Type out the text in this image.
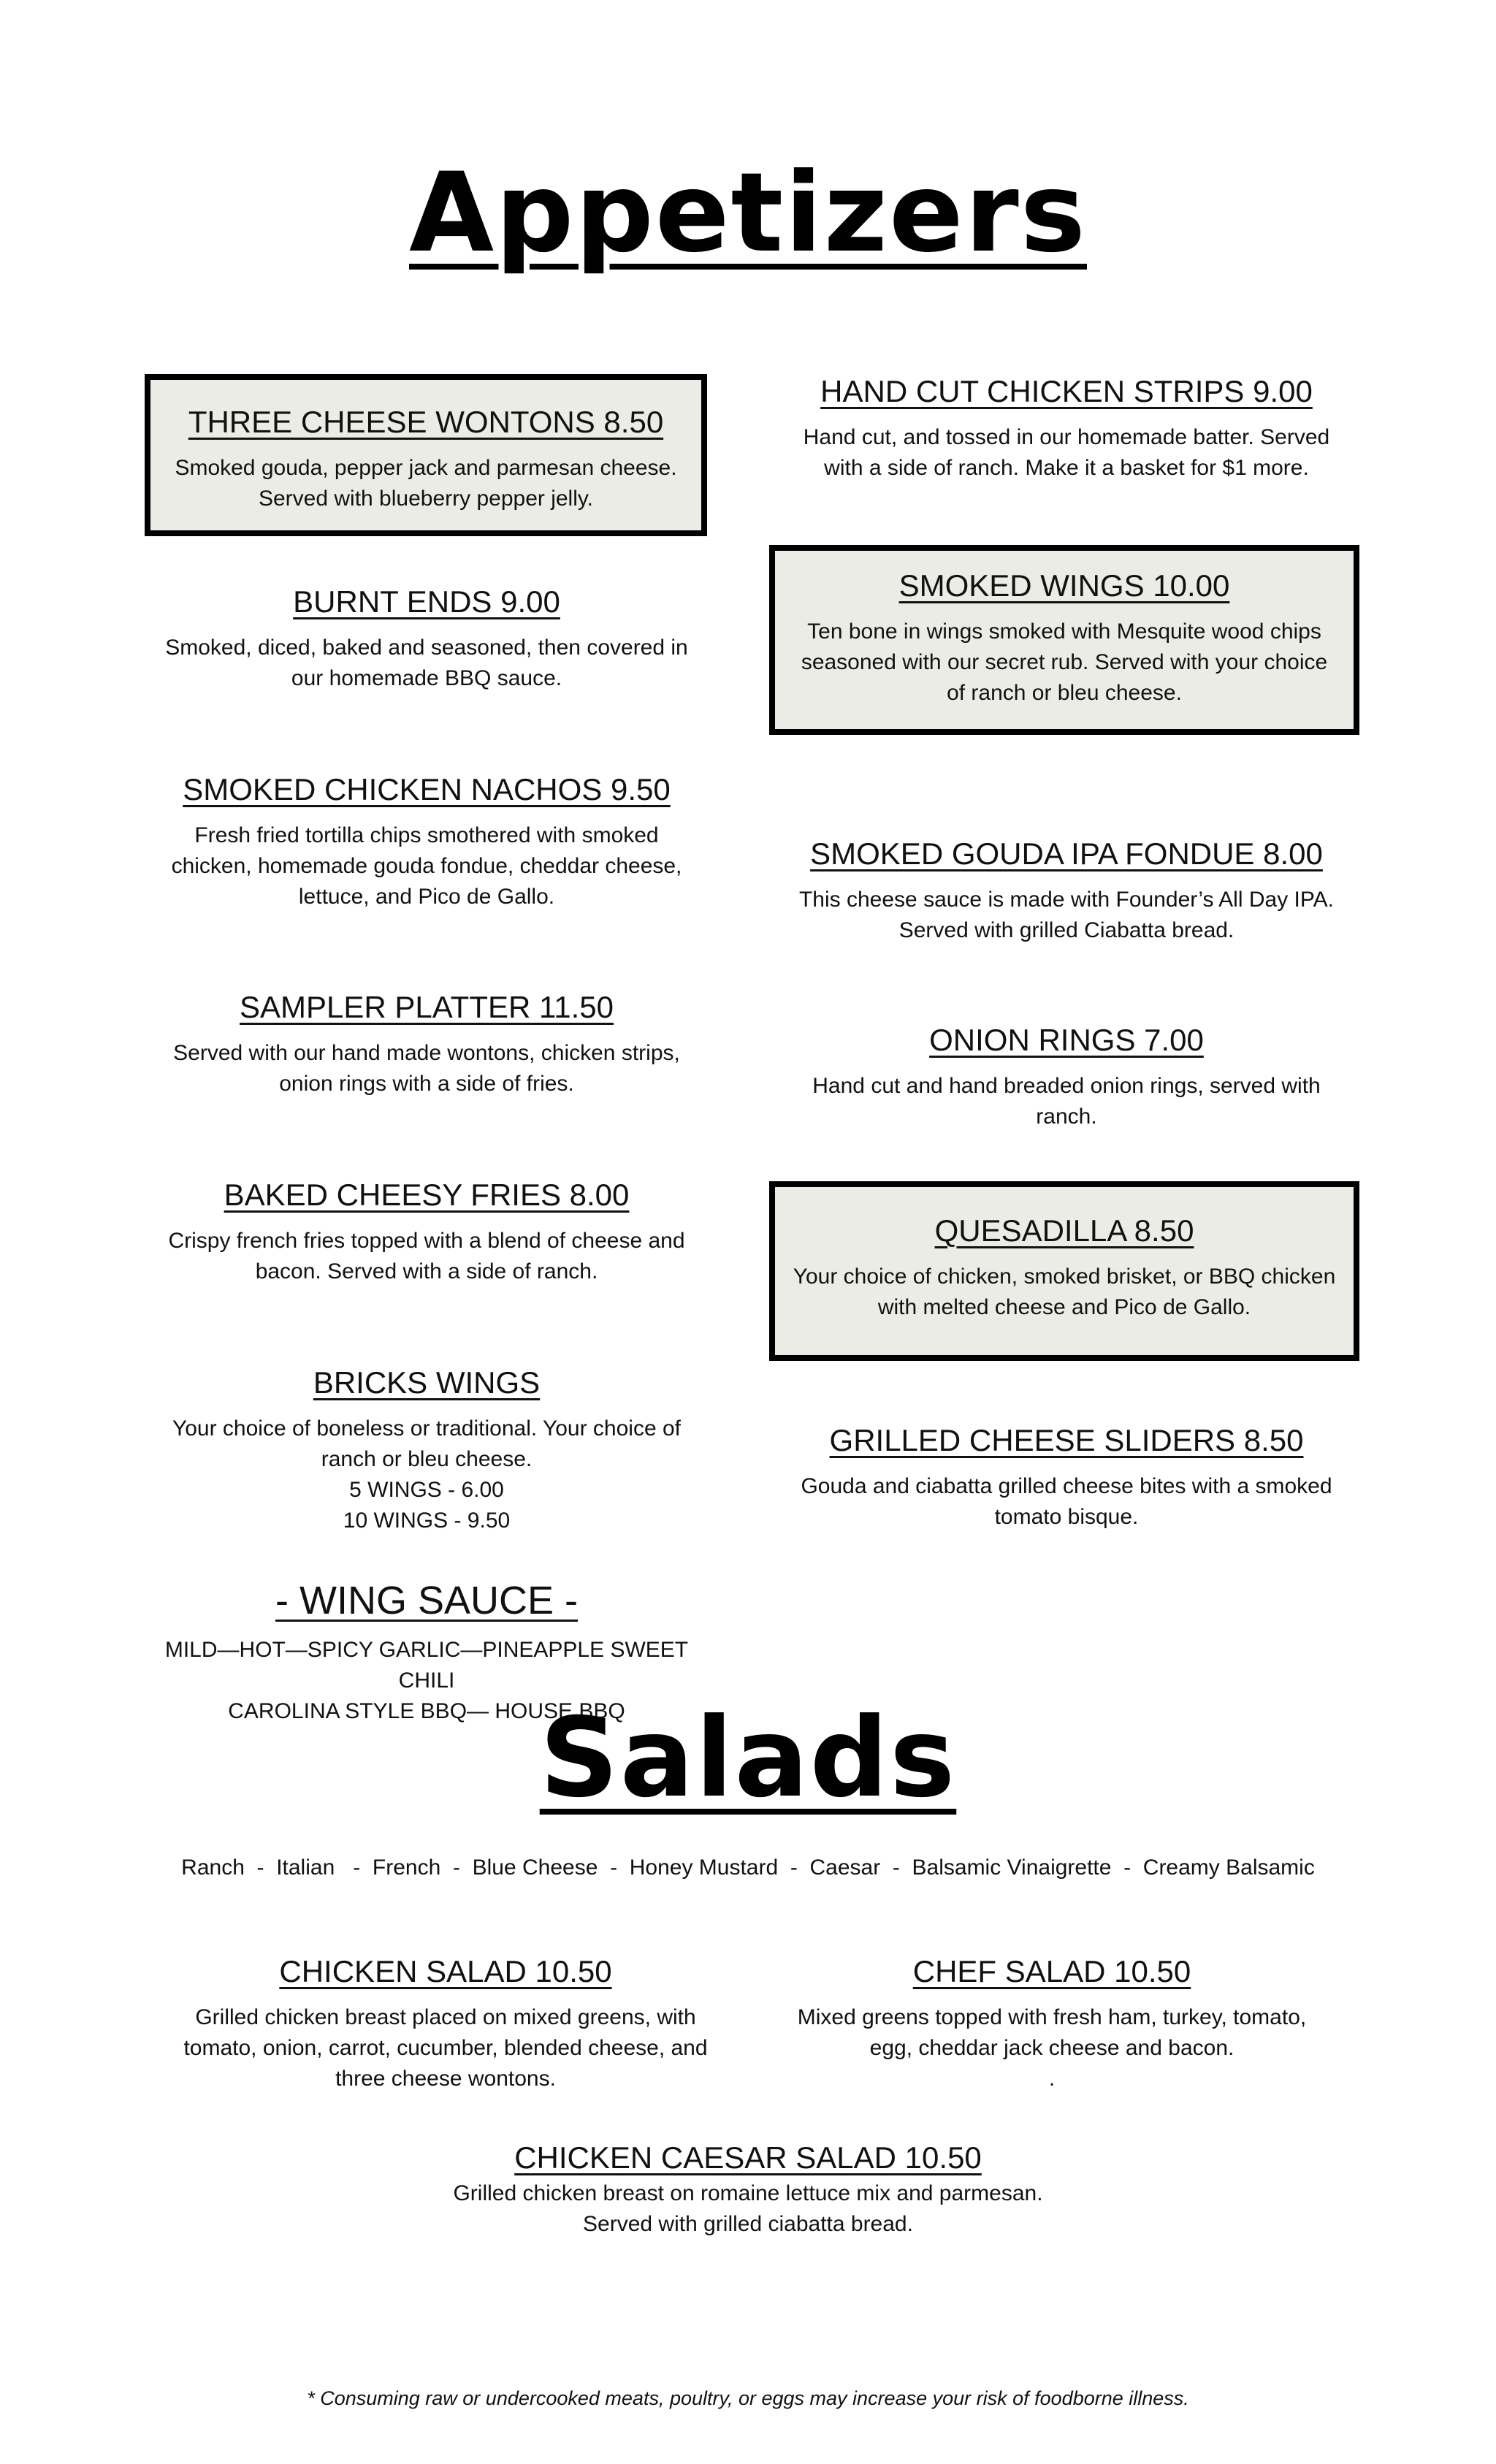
Appetizers
THREE CHEESE WONTONS 8.50
Smoked gouda, pepper jack and parmesan cheese.
Served with blueberry pepper jelly.
HAND CUT CHICKEN STRIPS 9.00
Hand cut, and tossed in our homemade batter. Served
with a side of ranch. Make it a basket for $1 more.
BURNT ENDS 9.00
Smoked, diced, baked and seasoned, then covered in
our homemade BBQ sauce.
SMOKED WINGS 10.00
Ten bone in wings smoked with Mesquite wood chips
seasoned with our secret rub. Served with your choice
of ranch or bleu cheese.
SMOKED CHICKEN NACHOS 9.50
Fresh fried tortilla chips smothered with smoked
chicken, homemade gouda fondue, cheddar cheese,
lettuce, and Pico de Gallo.
SMOKED GOUDA IPA FONDUE 8.00
This cheese sauce is made with Founder’s All Day IPA.
Served with grilled Ciabatta bread.
SAMPLER PLATTER 11.50
Served with our hand made wontons, chicken strips,
onion rings with a side of fries.
ONION RINGS 7.00
Hand cut and hand breaded onion rings, served with
ranch.
BAKED CHEESY FRIES 8.00
Crispy french fries topped with a blend of cheese and
bacon. Served with a side of ranch.
QUESADILLA 8.50
Your choice of chicken, smoked brisket, or BBQ chicken
with melted cheese and Pico de Gallo.
BRICKS WINGS
Your choice of boneless or traditional. Your choice of
ranch or bleu cheese.
5 WINGS - 6.00
10 WINGS - 9.50
GRILLED CHEESE SLIDERS 8.50
Gouda and ciabatta grilled cheese bites with a smoked
tomato bisque.
- WING SAUCE -
MILD—HOT—SPICY GARLIC—PINEAPPLE SWEET CHILI
CAROLINA STYLE BBQ— HOUSE BBQ
Salads
Ranch  -  Italian   -  French  -  Blue Cheese  -  Honey Mustard  -  Caesar  -  Balsamic Vinaigrette  -  Creamy Balsamic
CHICKEN SALAD 10.50
Grilled chicken breast placed on mixed greens, with
tomato, onion, carrot, cucumber, blended cheese, and
three cheese wontons.
CHEF SALAD 10.50
Mixed greens topped with fresh ham, turkey, tomato,
egg, cheddar jack cheese and bacon.
.
CHICKEN CAESAR SALAD 10.50
Grilled chicken breast on romaine lettuce mix and parmesan.
Served with grilled ciabatta bread.
* Consuming raw or undercooked meats, poultry, or eggs may increase your risk of foodborne illness.
